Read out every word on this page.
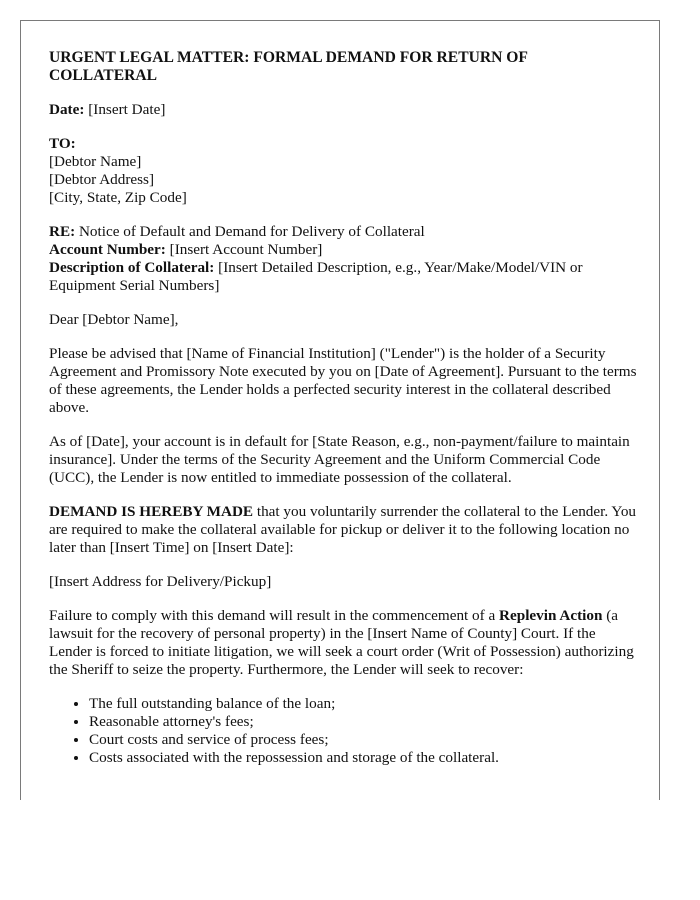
URGENT LEGAL MATTER: FORMAL DEMAND FOR RETURN OF COLLATERAL

Date: [Insert Date]

TO:
[Debtor Name]
[Debtor Address]
[City, State, Zip Code]

RE: Notice of Default and Demand for Delivery of Collateral
Account Number: [Insert Account Number]
Description of Collateral: [Insert Detailed Description, e.g., Year/Make/Model/VIN or Equipment Serial Numbers]

Dear [Debtor Name],

Please be advised that [Name of Financial Institution] ("Lender") is the holder of a Security Agreement and Promissory Note executed by you on [Date of Agreement]. Pursuant to the terms of these agreements, the Lender holds a perfected security interest in the collateral described above.

As of [Date], your account is in default for [State Reason, e.g., non-payment/failure to maintain insurance]. Under the terms of the Security Agreement and the Uniform Commercial Code (UCC), the Lender is now entitled to immediate possession of the collateral.

DEMAND IS HEREBY MADE that you voluntarily surrender the collateral to the Lender. You are required to make the collateral available for pickup or deliver it to the following location no later than [Insert Time] on [Insert Date]:

[Insert Address for Delivery/Pickup]

Failure to comply with this demand will result in the commencement of a Replevin Action (a lawsuit for the recovery of personal property) in the [Insert Name of County] Court. If the Lender is forced to initiate litigation, we will seek a court order (Writ of Possession) authorizing the Sheriff to seize the property. Furthermore, the Lender will seek to recover:

• The full outstanding balance of the loan;
• Reasonable attorney's fees;
• Court costs and service of process fees;
• Costs associated with the repossession and storage of the collateral.
